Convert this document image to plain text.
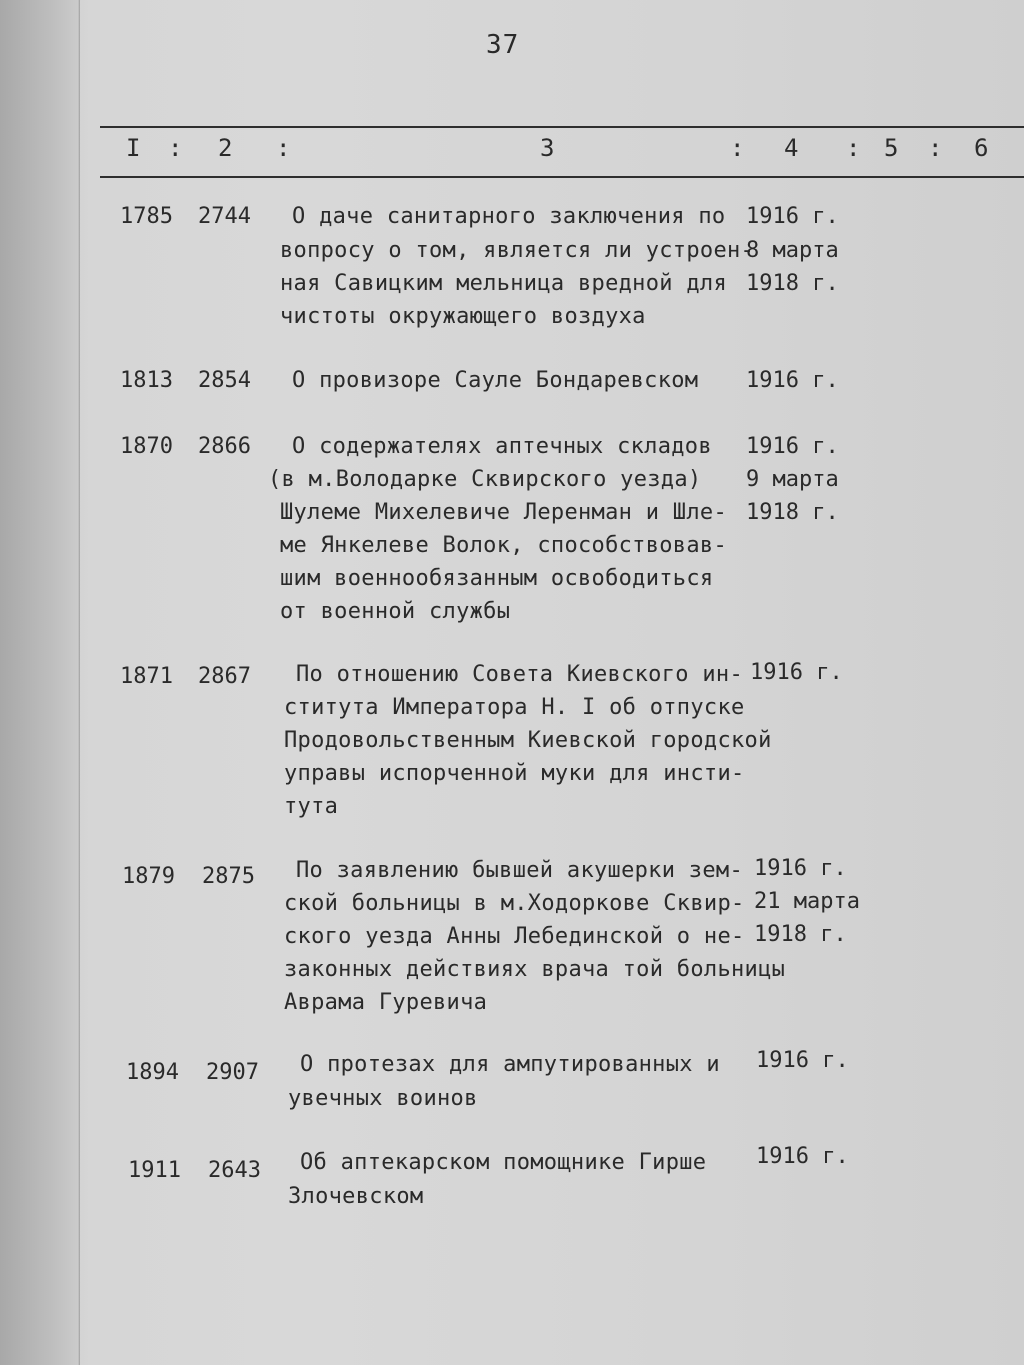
37
I : 2 :	3	: 4 : 5 : 6
1785 2744 О даче санитарного заключения по
вопросу о том, является ли устроен-
ная Савицким мельница вредной для
чистоты окружающего воздуха
1916 г.
8 марта
1918 г.
1813 2854 О провизоре Сауле Бондаревском 1916 г.
1870 2866 О содержателях аптечных складов
(в м.Володарке Сквирского уезда)
Шулеме Михелевиче Леренман и Шле-
ме Янкелеве Волок, способствовав-
шим военнообязанным освободиться
от военной службы
1916 г.
9 марта
1918 г.
1871 2867 По отношению Совета Киевского ин-
ститута Императора Н. I об отпуске
Продовольственным Киевской городской
управы испорченной муки для инсти-
тута
1916 г.
1879 2875 По заявлению бывшей акушерки зем-
ской больницы в м.Ходоркове Сквир-
ского уезда Анны Лебединской о не-
законных действиях врача той больницы
Аврама Гуревича
1916 г.
21 марта
1918 г.
1894 2907 О протезах для ампутированных и
увечных воинов
1916 г.
1911 2643 Об аптекарском помощнике Гирше
Злочевском
1916 г.
